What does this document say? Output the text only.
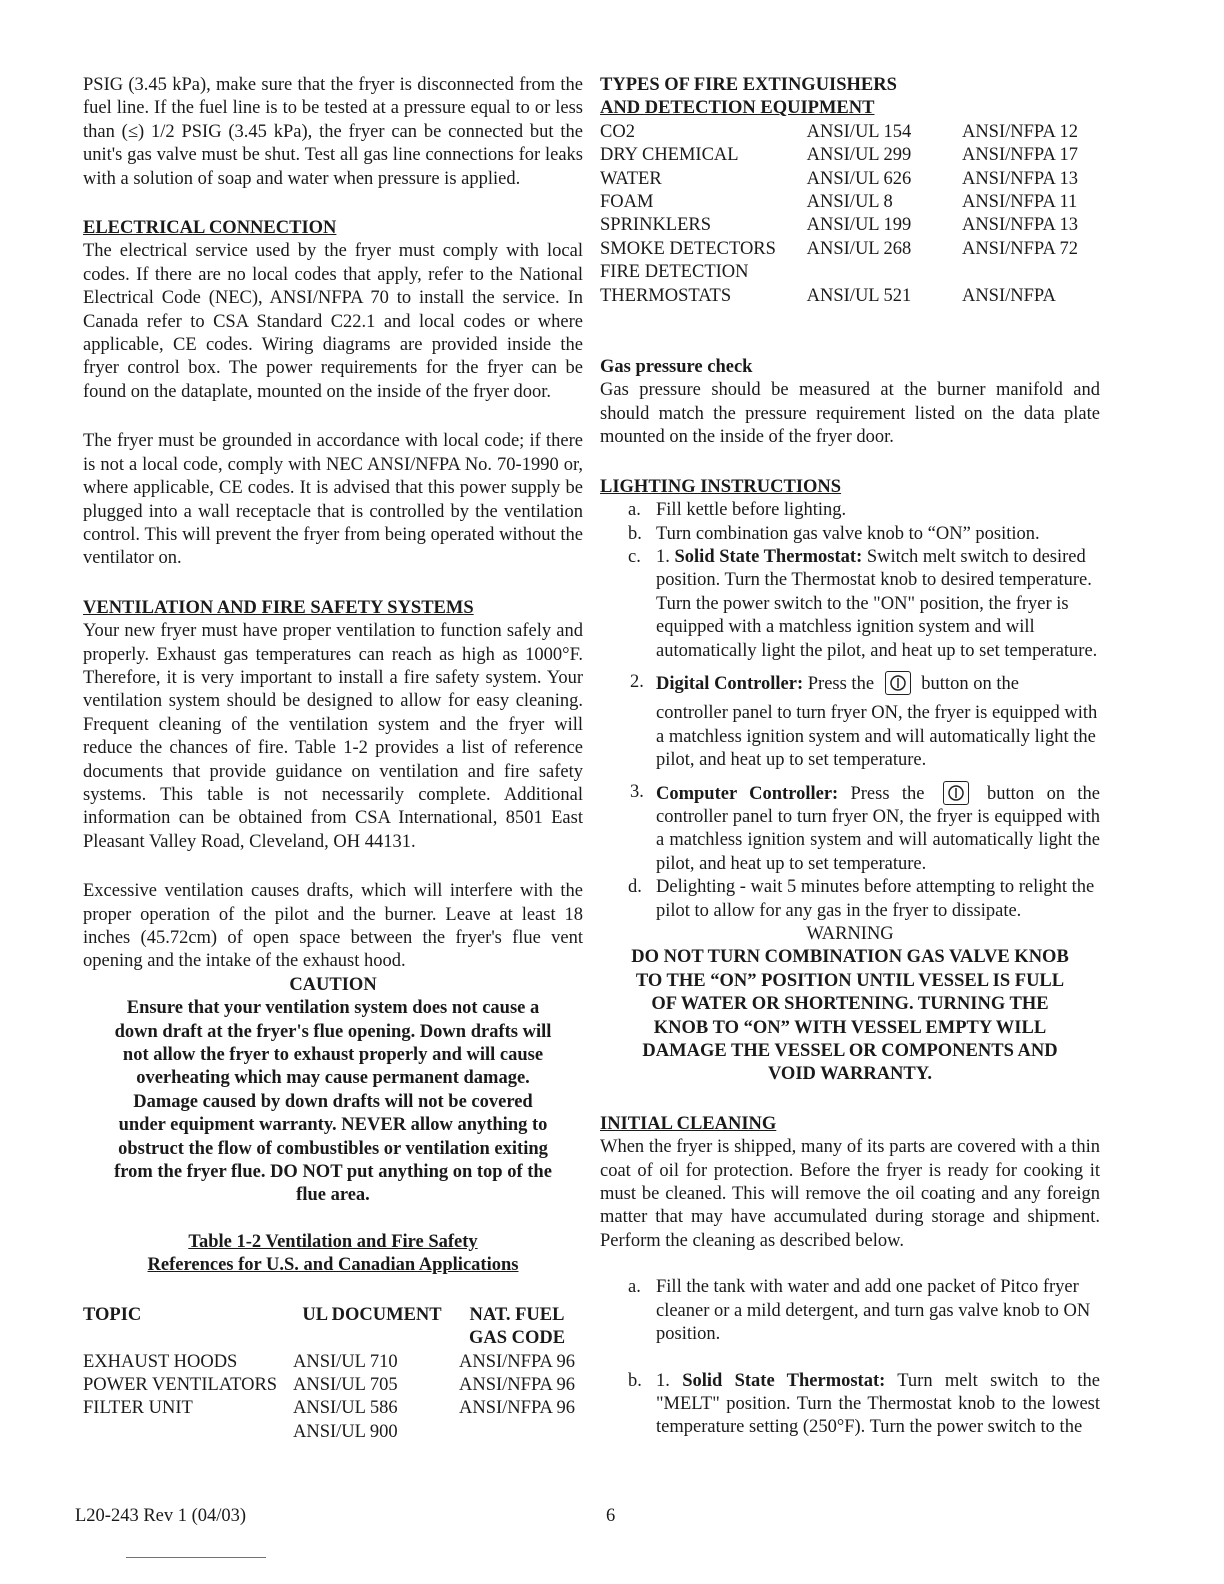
PSIG (3.45 kPa), make sure that the fryer is disconnected from the fuel line. If the fuel line is to be tested at a pressure equal to or less than (≤) 1/2 PSIG (3.45 kPa), the fryer can be connected but the unit's gas valve must be shut. Test all gas line connections for leaks with a solution of soap and water when pressure is applied.

ELECTRICAL CONNECTION

The electrical service used by the fryer must comply with local codes. If there are no local codes that apply, refer to the National Electrical Code (NEC), ANSI/NFPA 70 to install the service. In Canada refer to CSA Standard C22.1 and local codes or where applicable, CE codes. Wiring diagrams are provided inside the fryer control box. The power requirements for the fryer can be found on the dataplate, mounted on the inside of the fryer door.

The fryer must be grounded in accordance with local code; if there is not a local code, comply with NEC ANSI/NFPA No. 70-1990 or, where applicable, CE codes. It is advised that this power supply be plugged into a wall receptacle that is controlled by the ventilation control. This will prevent the fryer from being operated without the ventilator on.

VENTILATION AND FIRE SAFETY SYSTEMS

Your new fryer must have proper ventilation to function safely and properly. Exhaust gas temperatures can reach as high as 1000°F. Therefore, it is very important to install a fire safety system. Your ventilation system should be designed to allow for easy cleaning. Frequent cleaning of the ventilation system and the fryer will reduce the chances of fire. Table 1-2 provides a list of reference documents that provide guidance on ventilation and fire safety systems. This table is not necessarily complete. Additional information can be obtained from CSA International, 8501 East Pleasant Valley Road, Cleveland, OH 44131.

Excessive ventilation causes drafts, which will interfere with the proper operation of the pilot and the burner. Leave at least 18 inches (45.72cm) of open space between the fryer's flue vent opening and the intake of the exhaust hood.

CAUTION

Ensure that your ventilation system does not cause a down draft at the fryer's flue opening. Down drafts will not allow the fryer to exhaust properly and will cause overheating which may cause permanent damage. Damage caused by down drafts will not be covered under equipment warranty. NEVER allow anything to obstruct the flow of combustibles or ventilation exiting from the fryer flue. DO NOT put anything on top of the flue area.

Table 1-2 Ventilation and Fire Safety

References for U.S. and Canadian Applications

TOPIC	UL DOCUMENT	NAT. FUEL GAS CODE
EXHAUST HOODS	ANSI/UL 710	ANSI/NFPA 96
POWER VENTILATORS	ANSI/UL 705	ANSI/NFPA 96
FILTER UNIT	ANSI/UL 586	ANSI/NFPA 96
	ANSI/UL 900	

TYPES OF FIRE EXTINGUISHERS

AND DETECTION EQUIPMENT

CO2	ANSI/UL 154	ANSI/NFPA 12
DRY CHEMICAL	ANSI/UL 299	ANSI/NFPA 17
WATER	ANSI/UL 626	ANSI/NFPA 13
FOAM	ANSI/UL 8	ANSI/NFPA 11
SPRINKLERS	ANSI/UL 199	ANSI/NFPA 13
SMOKE DETECTORS	ANSI/UL 268	ANSI/NFPA 72
FIRE DETECTION		
THERMOSTATS	ANSI/UL 521	ANSI/NFPA

Gas pressure check

Gas pressure should be measured at the burner manifold and should match the pressure requirement listed on the data plate mounted on the inside of the fryer door.

LIGHTING INSTRUCTIONS

a. Fill kettle before lighting.
b. Turn combination gas valve knob to “ON” position.
c. 1. Solid State Thermostat: Switch melt switch to desired position. Turn the Thermostat knob to desired temperature. Turn the power switch to the "ON" position, the fryer is equipped with a matchless ignition system and will automatically light the pilot, and heat up to set temperature.
2. Digital Controller: Press the	button on the
controller panel to turn fryer ON, the fryer is equipped with a matchless ignition system and will automatically light the pilot, and heat up to set temperature.
3. Computer Controller: Press the	button on the controller panel to turn fryer ON, the fryer is equipped with a matchless ignition system and will automatically light the pilot, and heat up to set temperature.
d. Delighting - wait 5 minutes before attempting to relight the pilot to allow for any gas in the fryer to dissipate.

WARNING

DO NOT TURN COMBINATION GAS VALVE KNOB TO THE “ON” POSITION UNTIL VESSEL IS FULL OF WATER OR SHORTENING. TURNING THE KNOB TO “ON” WITH VESSEL EMPTY WILL DAMAGE THE VESSEL OR COMPONENTS AND VOID WARRANTY.

INITIAL CLEANING

When the fryer is shipped, many of its parts are covered with a thin coat of oil for protection. Before the fryer is ready for cooking it must be cleaned. This will remove the oil coating and any foreign matter that may have accumulated during storage and shipment. Perform the cleaning as described below.

a. Fill the tank with water and add one packet of Pitco fryer cleaner or a mild detergent, and turn gas valve knob to ON position.
b. 1. Solid State Thermostat: Turn melt switch to the "MELT" position. Turn the Thermostat knob to the lowest temperature setting (250°F). Turn the power switch to the
L20-243 Rev 1 (04/03)	6
